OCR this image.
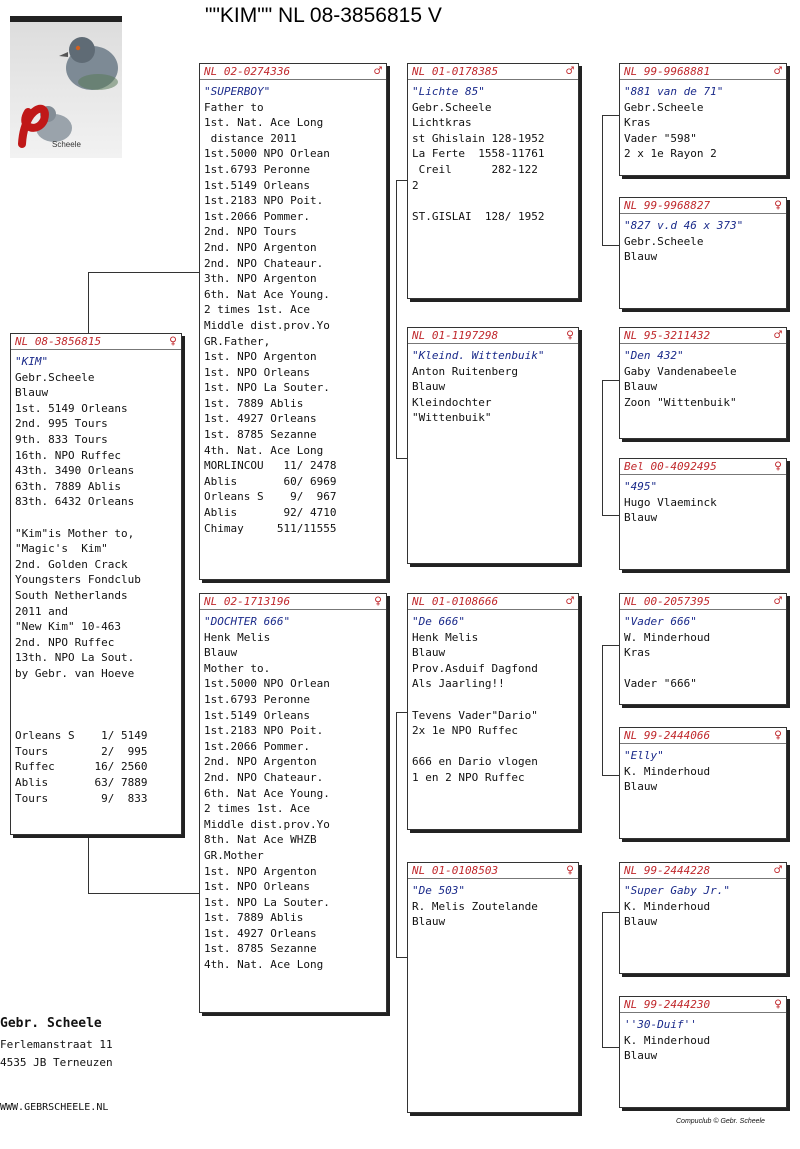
""KIM"" NL 08-3856815 V
Scheele
NL 08-3856815	♀
"KIM"
Gebr.Scheele
Blauw
1st. 5149 Orleans
2nd. 995 Tours
9th. 833 Tours
16th. NPO Ruffec
43th. 3490 Orleans
63th. 7889 Ablis
83th. 6432 Orleans

"Kim"is Mother to,
"Magic's  Kim"
2nd. Golden Crack
Youngsters Fondclub
South Netherlands
2011 and
"New Kim" 10-463
2nd. NPO Ruffec
13th. NPO La Sout.
by Gebr. van Hoeve

Orleans S    1/ 5149
Tours        2/  995
Ruffec      16/ 2560
Ablis       63/ 7889
Tours        9/  833
NL 02-0274336	♂
"SUPERBOY"
Father to
1st. Nat. Ace Long
distance 2011
1st.5000 NPO Orlean
1st.6793 Peronne
1st.5149 Orleans
1st.2183 NPO Poit.
1st.2066 Pommer.
2nd. NPO Tours
2nd. NPO Argenton
2nd. NPO Chateaur.
3th. NPO Argenton
6th. Nat Ace Young.
2 times 1st. Ace
Middle dist.prov.Yo
GR.Father,
1st. NPO Argenton
1st. NPO Orleans
1st. NPO La Souter.
1st. 7889 Ablis
1st. 4927 Orleans
1st. 8785 Sezanne
4th. Nat. Ace Long
MORLINCOU   11/ 2478
Ablis       60/ 6969
Orleans S    9/  967
Ablis       92/ 4710
Chimay     511/11555
NL 02-1713196	♀
"DOCHTER 666"
Henk Melis
Blauw
Mother to.
1st.5000 NPO Orlean
1st.6793 Peronne
1st.5149 Orleans
1st.2183 NPO Poit.
1st.2066 Pommer.
2nd. NPO Argenton
2nd. NPO Chateaur.
6th. Nat Ace Young.
2 times 1st. Ace
Middle dist.prov.Yo
8th. Nat Ace WHZB
GR.Mother
1st. NPO Argenton
1st. NPO Orleans
1st. NPO La Souter.
1st. 7889 Ablis
1st. 4927 Orleans
1st. 8785 Sezanne
4th. Nat. Ace Long
NL 01-0178385	♂
"Lichte 85"
Gebr.Scheele
Lichtkras
st Ghislain 128-1952
La Ferte  1558-11761
Creil      282-122
2

ST.GISLAI  128/ 1952
NL 01-1197298	♀
"Kleind. Wittenbuik"
Anton Ruitenberg
Blauw
Kleindochter
"Wittenbuik"
NL 01-0108666	♂
"De 666"
Henk Melis
Blauw
Prov.Asduif Dagfond
Als Jaarling!!

Tevens Vader"Dario"
2x 1e NPO Ruffec

666 en Dario vlogen
1 en 2 NPO Ruffec
NL 01-0108503	♀
"De 503"
R. Melis Zoutelande
Blauw
NL 99-9968881	♂
"881 van de 71"
Gebr.Scheele
Kras
Vader "598"
2 x 1e Rayon 2
NL 99-9968827	♀
"827 v.d 46 x 373"
Gebr.Scheele
Blauw
NL 95-3211432	♂
"Den 432"
Gaby Vandenabeele
Blauw
Zoon "Wittenbuik"
Bel 00-4092495	♀
"495"
Hugo Vlaeminck
Blauw
NL 00-2057395	♂
"Vader 666"
W. Minderhoud
Kras

Vader "666"
NL 99-2444066	♀
"Elly"
K. Minderhoud
Blauw
NL 99-2444228	♂
"Super Gaby Jr."
K. Minderhoud
Blauw
NL 99-2444230	♀
''30-Duif''
K. Minderhoud
Blauw
Gebr. Scheele
Ferlemanstraat 11
4535 JB Terneuzen
WWW.GEBRSCHEELE.NL
Compuclub © Gebr. Scheele
